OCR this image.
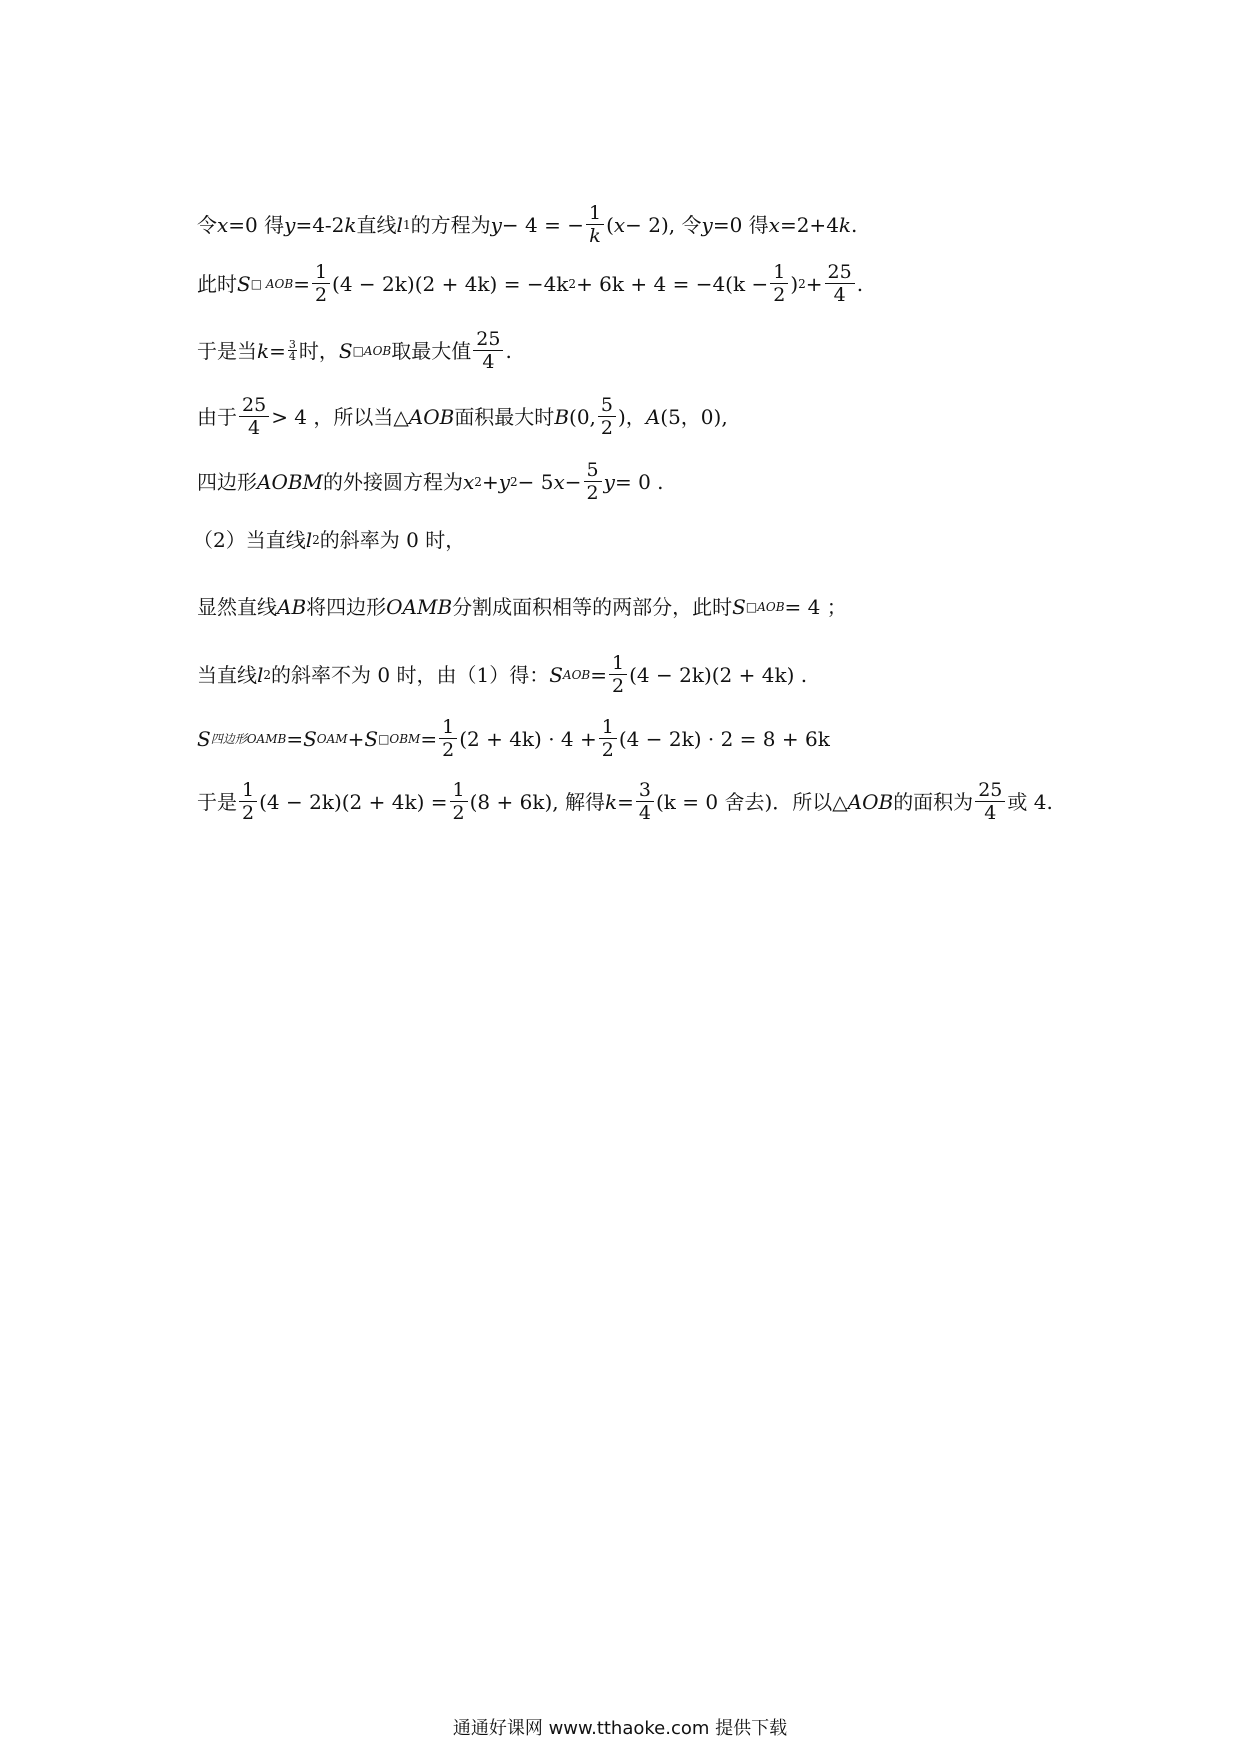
令 x =0 得 y =4-2 k 直线 l 1 的方程为 y − 4 = − $\frac{1}{k}$ ( x − 2), 令 y =0 得 x =2+4 k .
此时 S □ AOB = $\frac{1}{2} (4 - 2k)(2 + 4k) = -4k$ $2 + 6k + 4 = -4(k - \frac{1}{2}$ ) $2 + \frac{25}{4}$ .
于是当 $k = \frac{3}{4}$ 时， S □AOB 取最大值 $\frac{25}{4}$ .
由于 $\frac{25}{4} > 4$ ，所以当△ AOB 面积最大时 B (0, $\frac{5}{2}$ )， A (5，0),
四边形 AOBM 的外接圆方程为 x 2 + y 2 − 5 $x - \frac{5}{2}$ y = 0 .
（2）当直线 l 2 的斜率为 0 时，
显然直线 AB 将四边形 OAMB 分割成面积相等的两部分，此时 S □AOB = 4 ；
当直线 l 2 的斜率不为 0 时，由（1）得： S AOB = $\frac{1}{2} (4 - 2k)(2 + 4k)$ .
S 四边形OAMB = S OAM + S □OBM = $\frac{1}{2} (2 + 4k) \cdot 4 + \frac{1}{2} (4 - 2k) \cdot 2 = 8 + 6k$
于是 $\frac{1}{2} (4 - 2k)(2 + 4k) = \frac{1}{2} (8 + 6k)$, 解得 $k = \frac{3}{4} (k = 0$ 舍去)．所以△ AOB 的面积为 $\frac{25}{4}$ 或 4.
通通好课网 www.tthaoke.com 提供下载
